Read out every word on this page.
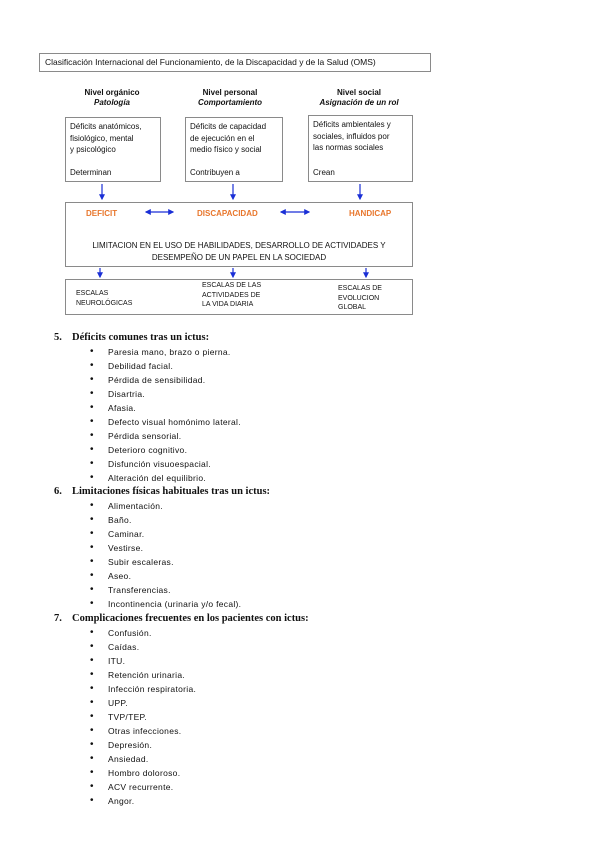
Clasificación Internacional del Funcionamiento, de la Discapacidad y de la Salud (OMS)
Nivel orgánico
Patología
Nivel personal
Comportamiento
Nivel social
Asignación de un rol
Déficits anatómicos,
fisiológico, mental
y psicológico
Determinan
Déficits de capacidad
de ejecución en el
medio físico y social
Contribuyen a
Déficits ambientales y
sociales, influidos por
las normas sociales
Crean
DEFICIT	DISCAPACIDAD	HANDICAP
LIMITACION EN EL USO DE HABILIDADES, DESARROLLO DE ACTIVIDADES Y
DESEMPEÑO DE UN PAPEL EN LA SOCIEDAD
ESCALAS
NEUROLÓGICAS
ESCALAS DE LAS
ACTIVIDADES DE
LA VIDA DIARIA
ESCALAS DE
EVOLUCION
GLOBAL
5. Déficits comunes tras un ictus:
• Paresia mano, brazo o pierna.
• Debilidad facial.
• Pérdida de sensibilidad.
• Disartria.
• Afasia.
• Defecto visual homónimo lateral.
• Pérdida sensorial.
• Deterioro cognitivo.
• Disfunción visuoespacial.
• Alteración del equilibrio.
6. Limitaciones físicas habituales tras un ictus:
• Alimentación.
• Baño.
• Caminar.
• Vestirse.
• Subir escaleras.
• Aseo.
• Transferencias.
• Incontinencia (urinaria y/o fecal).
7. Complicaciones frecuentes en los pacientes con ictus:
• Confusión.
• Caídas.
• ITU.
• Retención urinaria.
• Infección respiratoria.
• UPP.
• TVP/TEP.
• Otras infecciones.
• Depresión.
• Ansiedad.
• Hombro doloroso.
• ACV recurrente.
• Angor.
